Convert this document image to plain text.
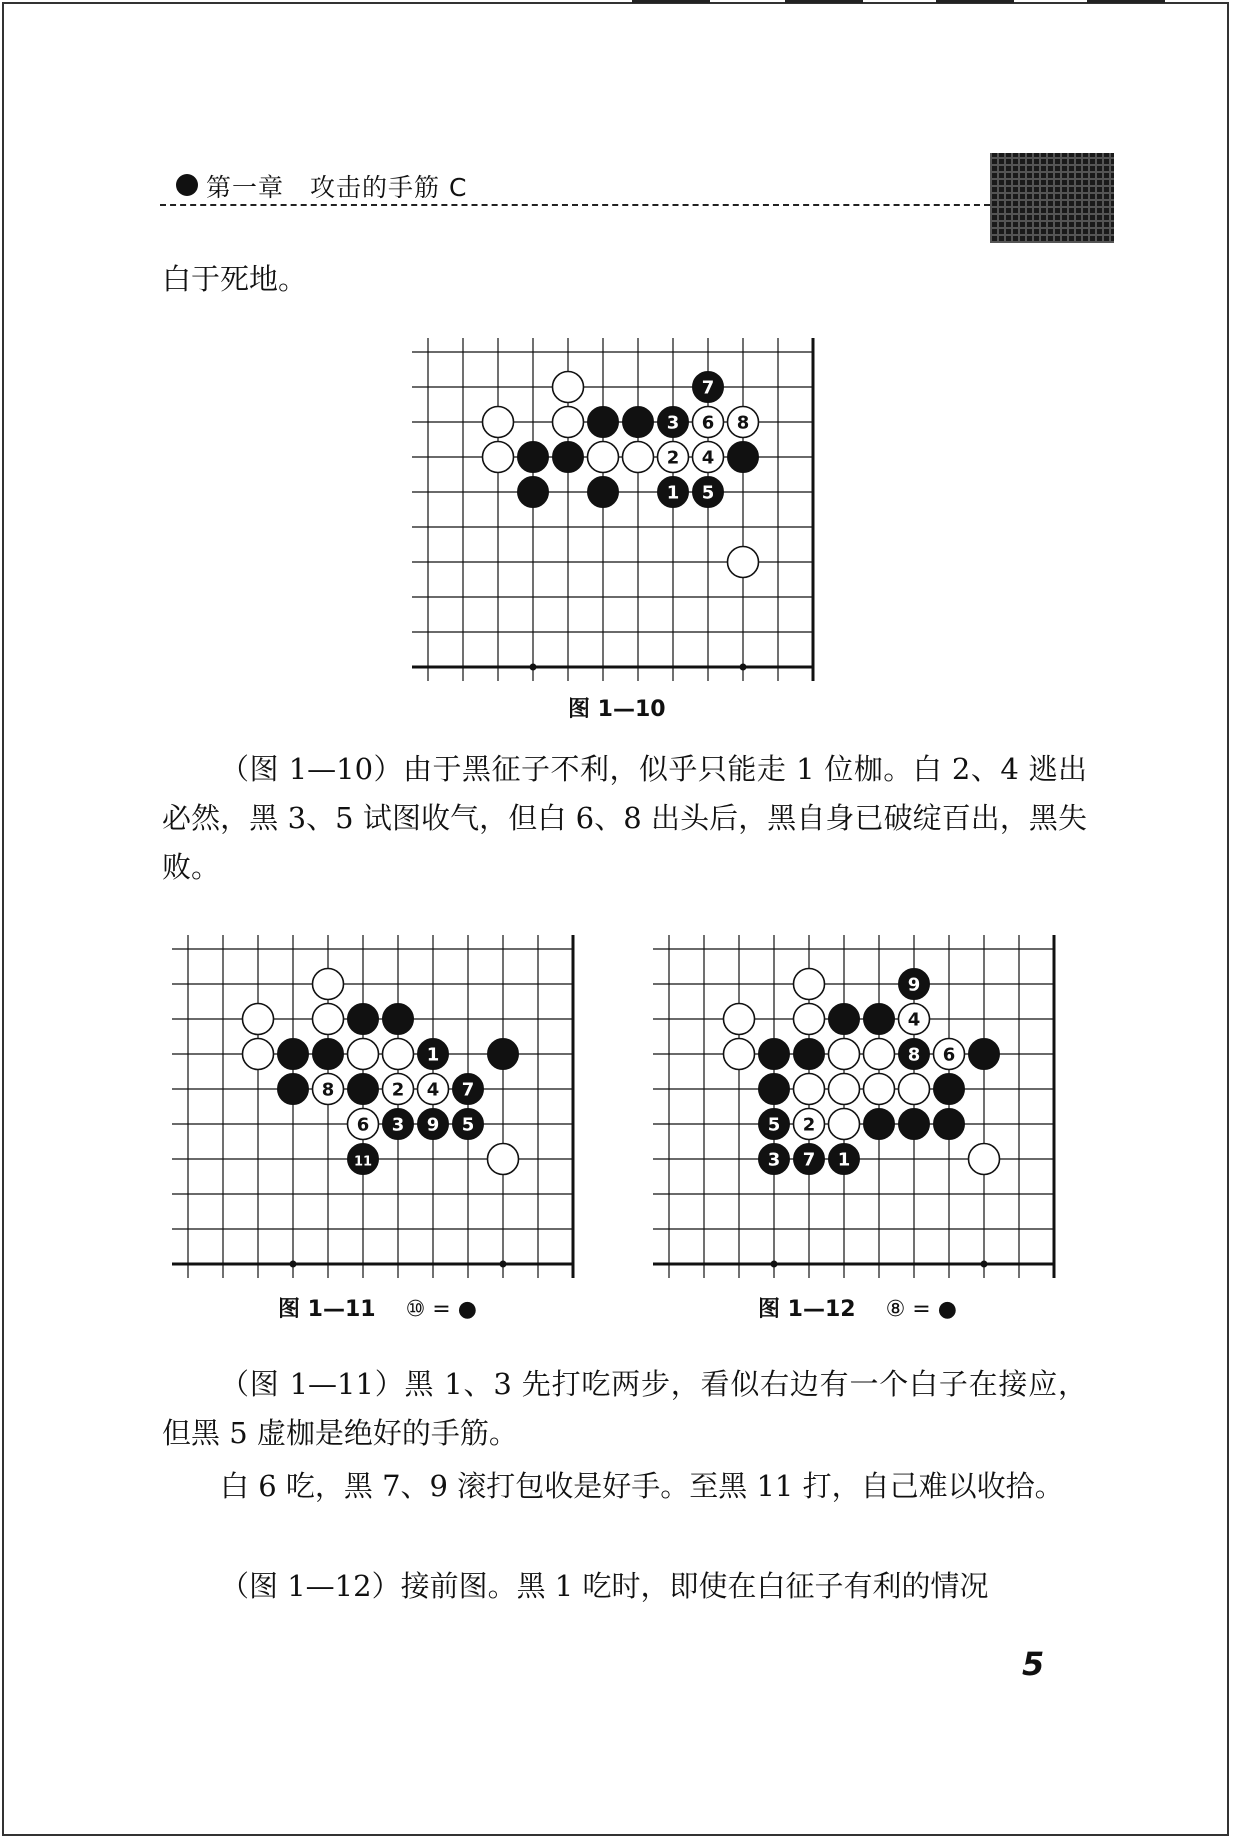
第一章　攻击的手筋 C

白于死地。

7
3 6 8
2 4
1 5
图 1—10

（图 1—10）由于黑征子不利，似乎只能走 1 位枷。白 2、4 逃出必然，黑 3、5 试图收气，但白 6、8 出头后，黑自身已破绽百出，黑失败。

1
8	2 4 7
6 3 9 5
11
图 1—11 ⑩ = ●
9
4
8 6
5 2
3 7 1
图 1—12 ⑧ = ●

（图 1—11）黑 1、3 先打吃两步，看似右边有一个白子在接应，但黑 5 虚枷是绝好的手筋。

白 6 吃，黑 7、9 滚打包收是好手。至黑 11 打，自己难以收拾。

（图 1—12）接前图。黑 1 吃时，即使在白征子有利的情况

5
